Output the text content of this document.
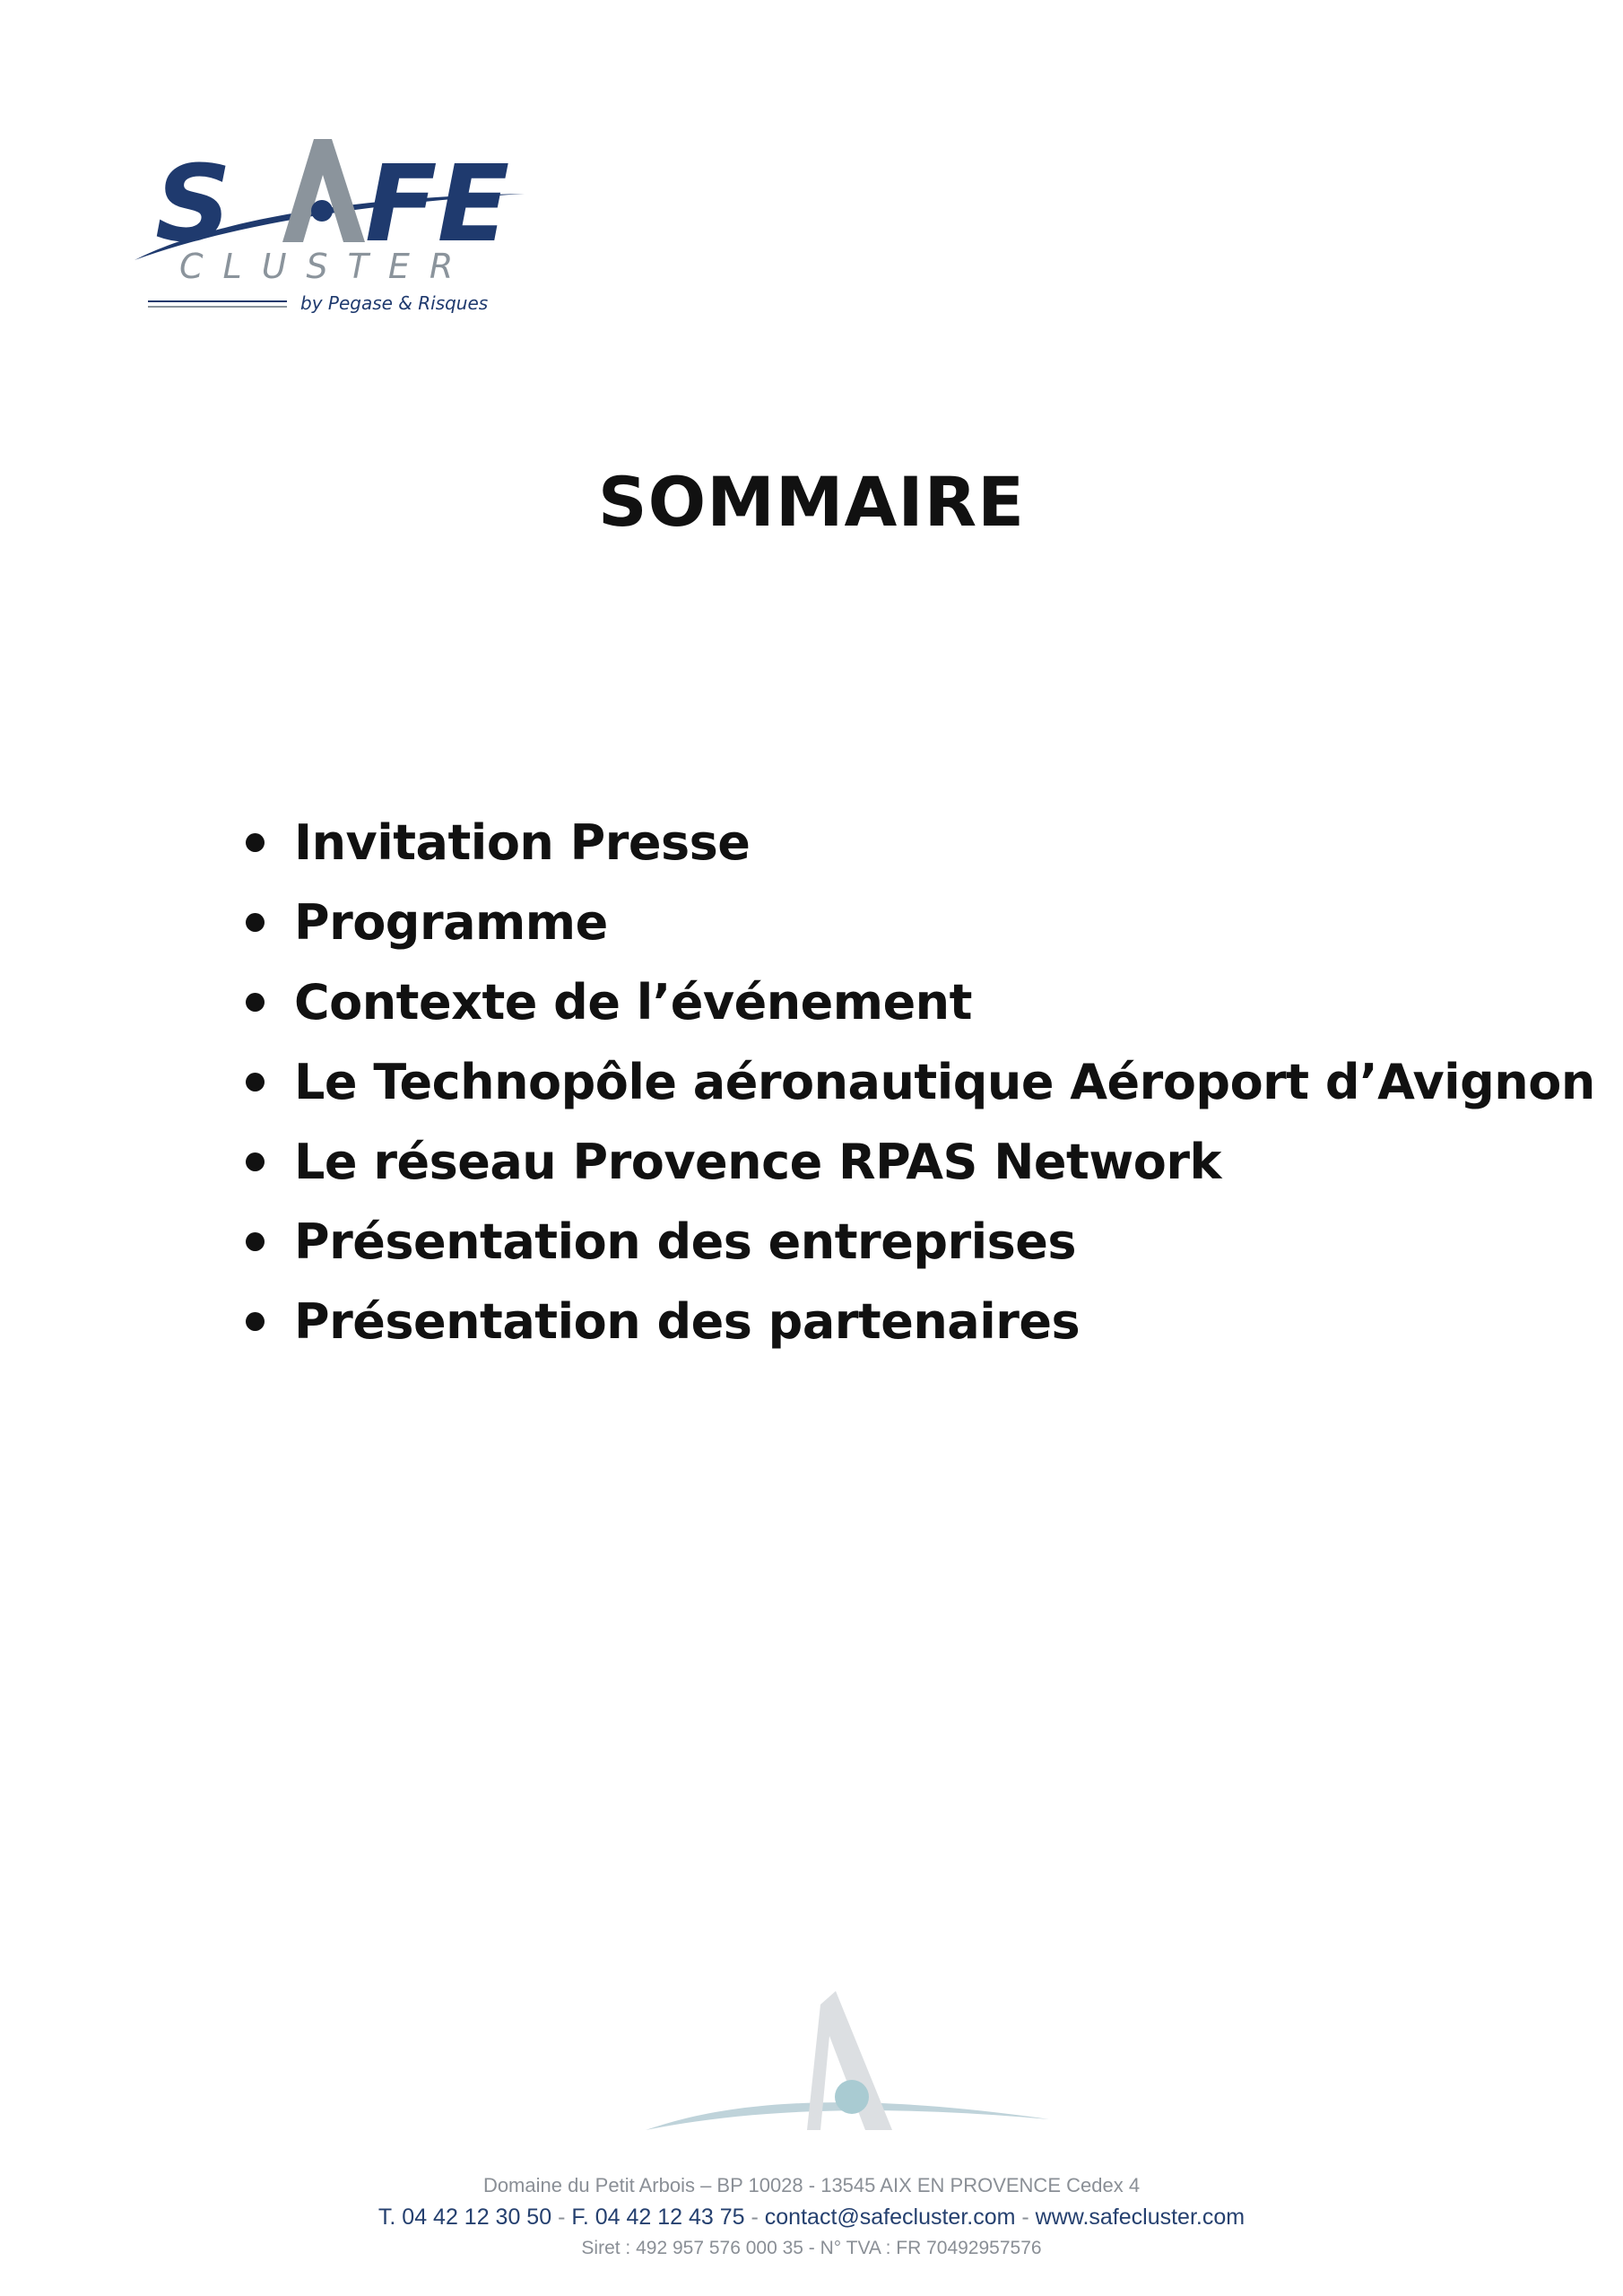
S FE
CLUSTER
by Pegase & Risques
SOMMAIRE
Invitation Presse
Programme
Contexte de l’événement
Le Technopôle aéronautique Aéroport d’Avignon
Le réseau Provence RPAS Network
Présentation des entreprises
Présentation des partenaires
Domaine du Petit Arbois – BP 10028 - 13545 AIX EN PROVENCE Cedex 4
T. 04 42 12 30 50 - F. 04 42 12 43 75 - contact@safecluster.com - www.safecluster.com
Siret : 492 957 576 000 35 - N° TVA : FR 70492957576
